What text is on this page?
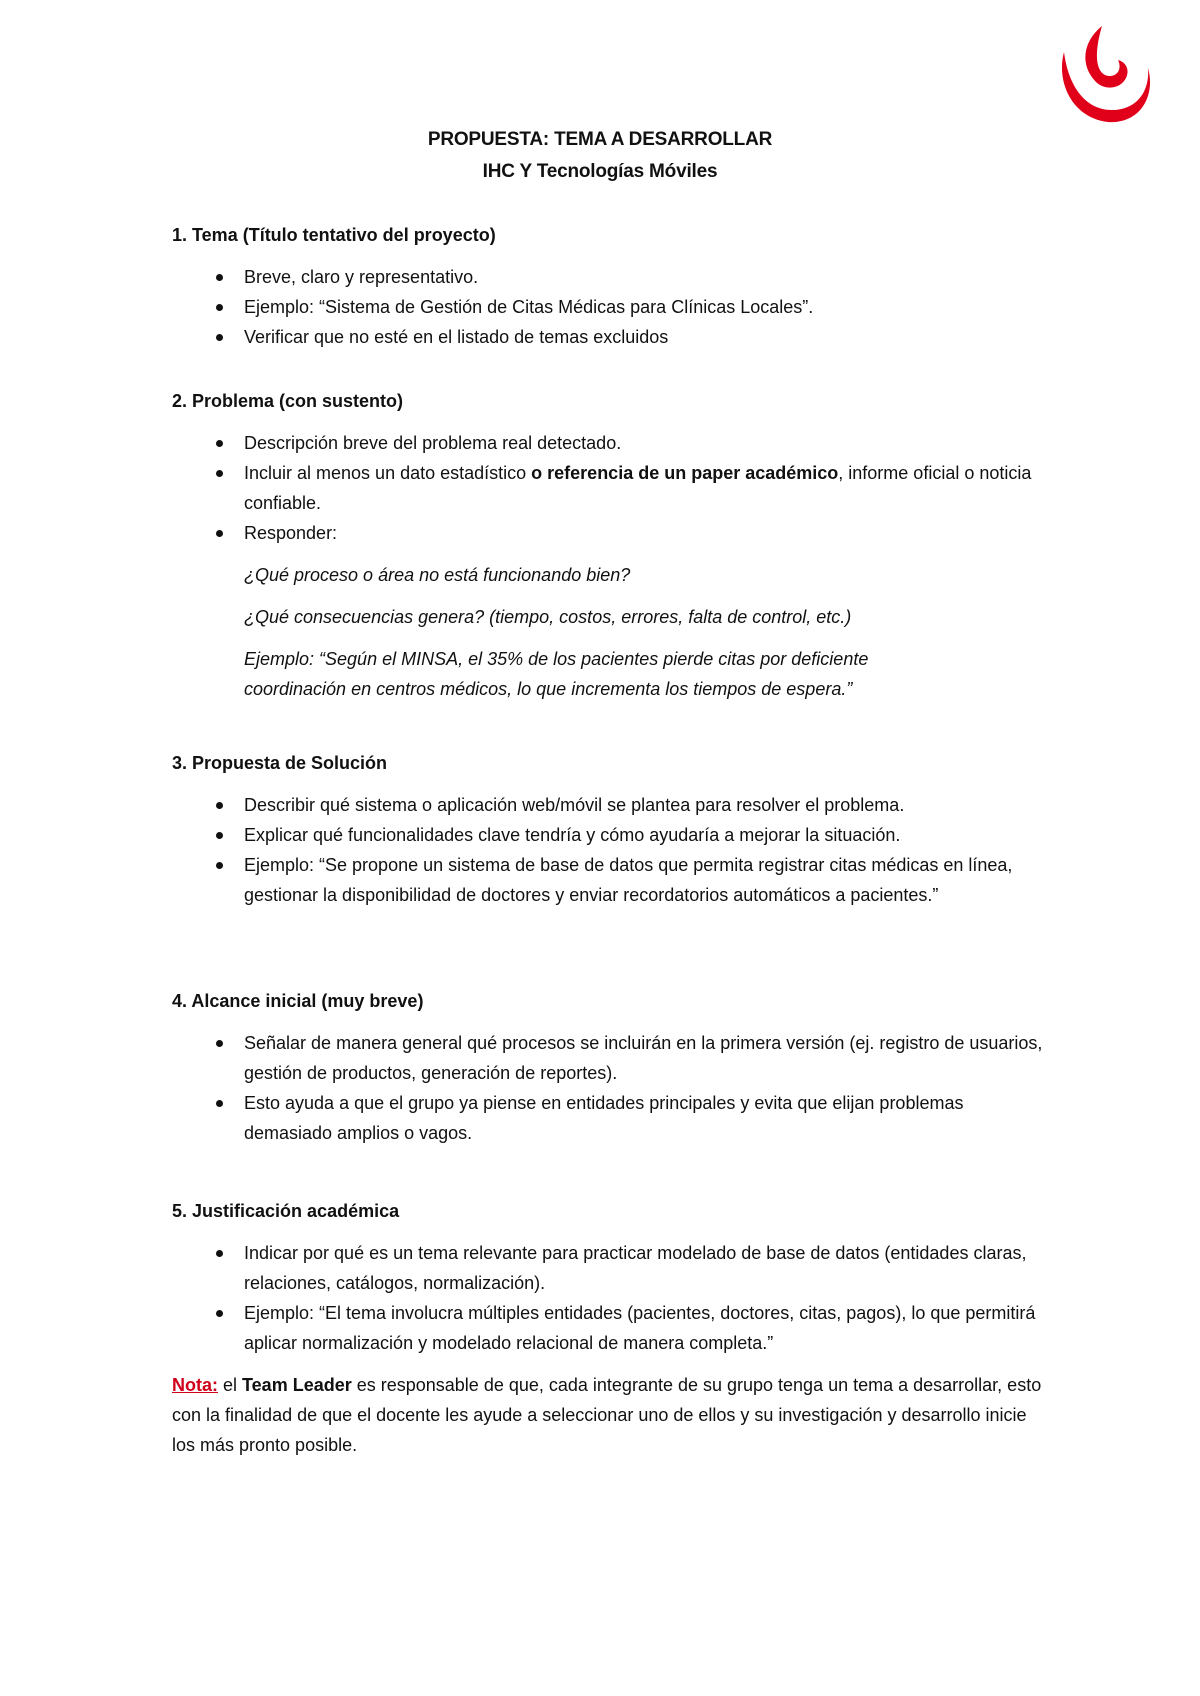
PROPUESTA: TEMA A DESARROLLAR
IHC Y Tecnologías Móviles

1. Tema (Título tentativo del proyecto)

Breve, claro y representativo.
Ejemplo: “Sistema de Gestión de Citas Médicas para Clínicas Locales”.
Verificar que no esté en el listado de temas excluidos

2. Problema (con sustento)

Descripción breve del problema real detectado.
Incluir al menos un dato estadístico o referencia de un paper académico, informe oficial o noticia confiable.
Responder:

¿Qué proceso o área no está funcionando bien?

¿Qué consecuencias genera? (tiempo, costos, errores, falta de control, etc.)

Ejemplo: “Según el MINSA, el 35% de los pacientes pierde citas por deficiente coordinación en centros médicos, lo que incrementa los tiempos de espera.”

3. Propuesta de Solución

Describir qué sistema o aplicación web/móvil se plantea para resolver el problema.
Explicar qué funcionalidades clave tendría y cómo ayudaría a mejorar la situación.
Ejemplo: “Se propone un sistema de base de datos que permita registrar citas médicas en línea, gestionar la disponibilidad de doctores y enviar recordatorios automáticos a pacientes.”

4. Alcance inicial (muy breve)

Señalar de manera general qué procesos se incluirán en la primera versión (ej. registro de usuarios, gestión de productos, generación de reportes).
Esto ayuda a que el grupo ya piense en entidades principales y evita que elijan problemas demasiado amplios o vagos.

5. Justificación académica

Indicar por qué es un tema relevante para practicar modelado de base de datos (entidades claras, relaciones, catálogos, normalización).
Ejemplo: “El tema involucra múltiples entidades (pacientes, doctores, citas, pagos), lo que permitirá aplicar normalización y modelado relacional de manera completa.”

Nota: el Team Leader es responsable de que, cada integrante de su grupo tenga un tema a desarrollar, esto con la finalidad de que el docente les ayude a seleccionar uno de ellos y su investigación y desarrollo inicie los más pronto posible.
